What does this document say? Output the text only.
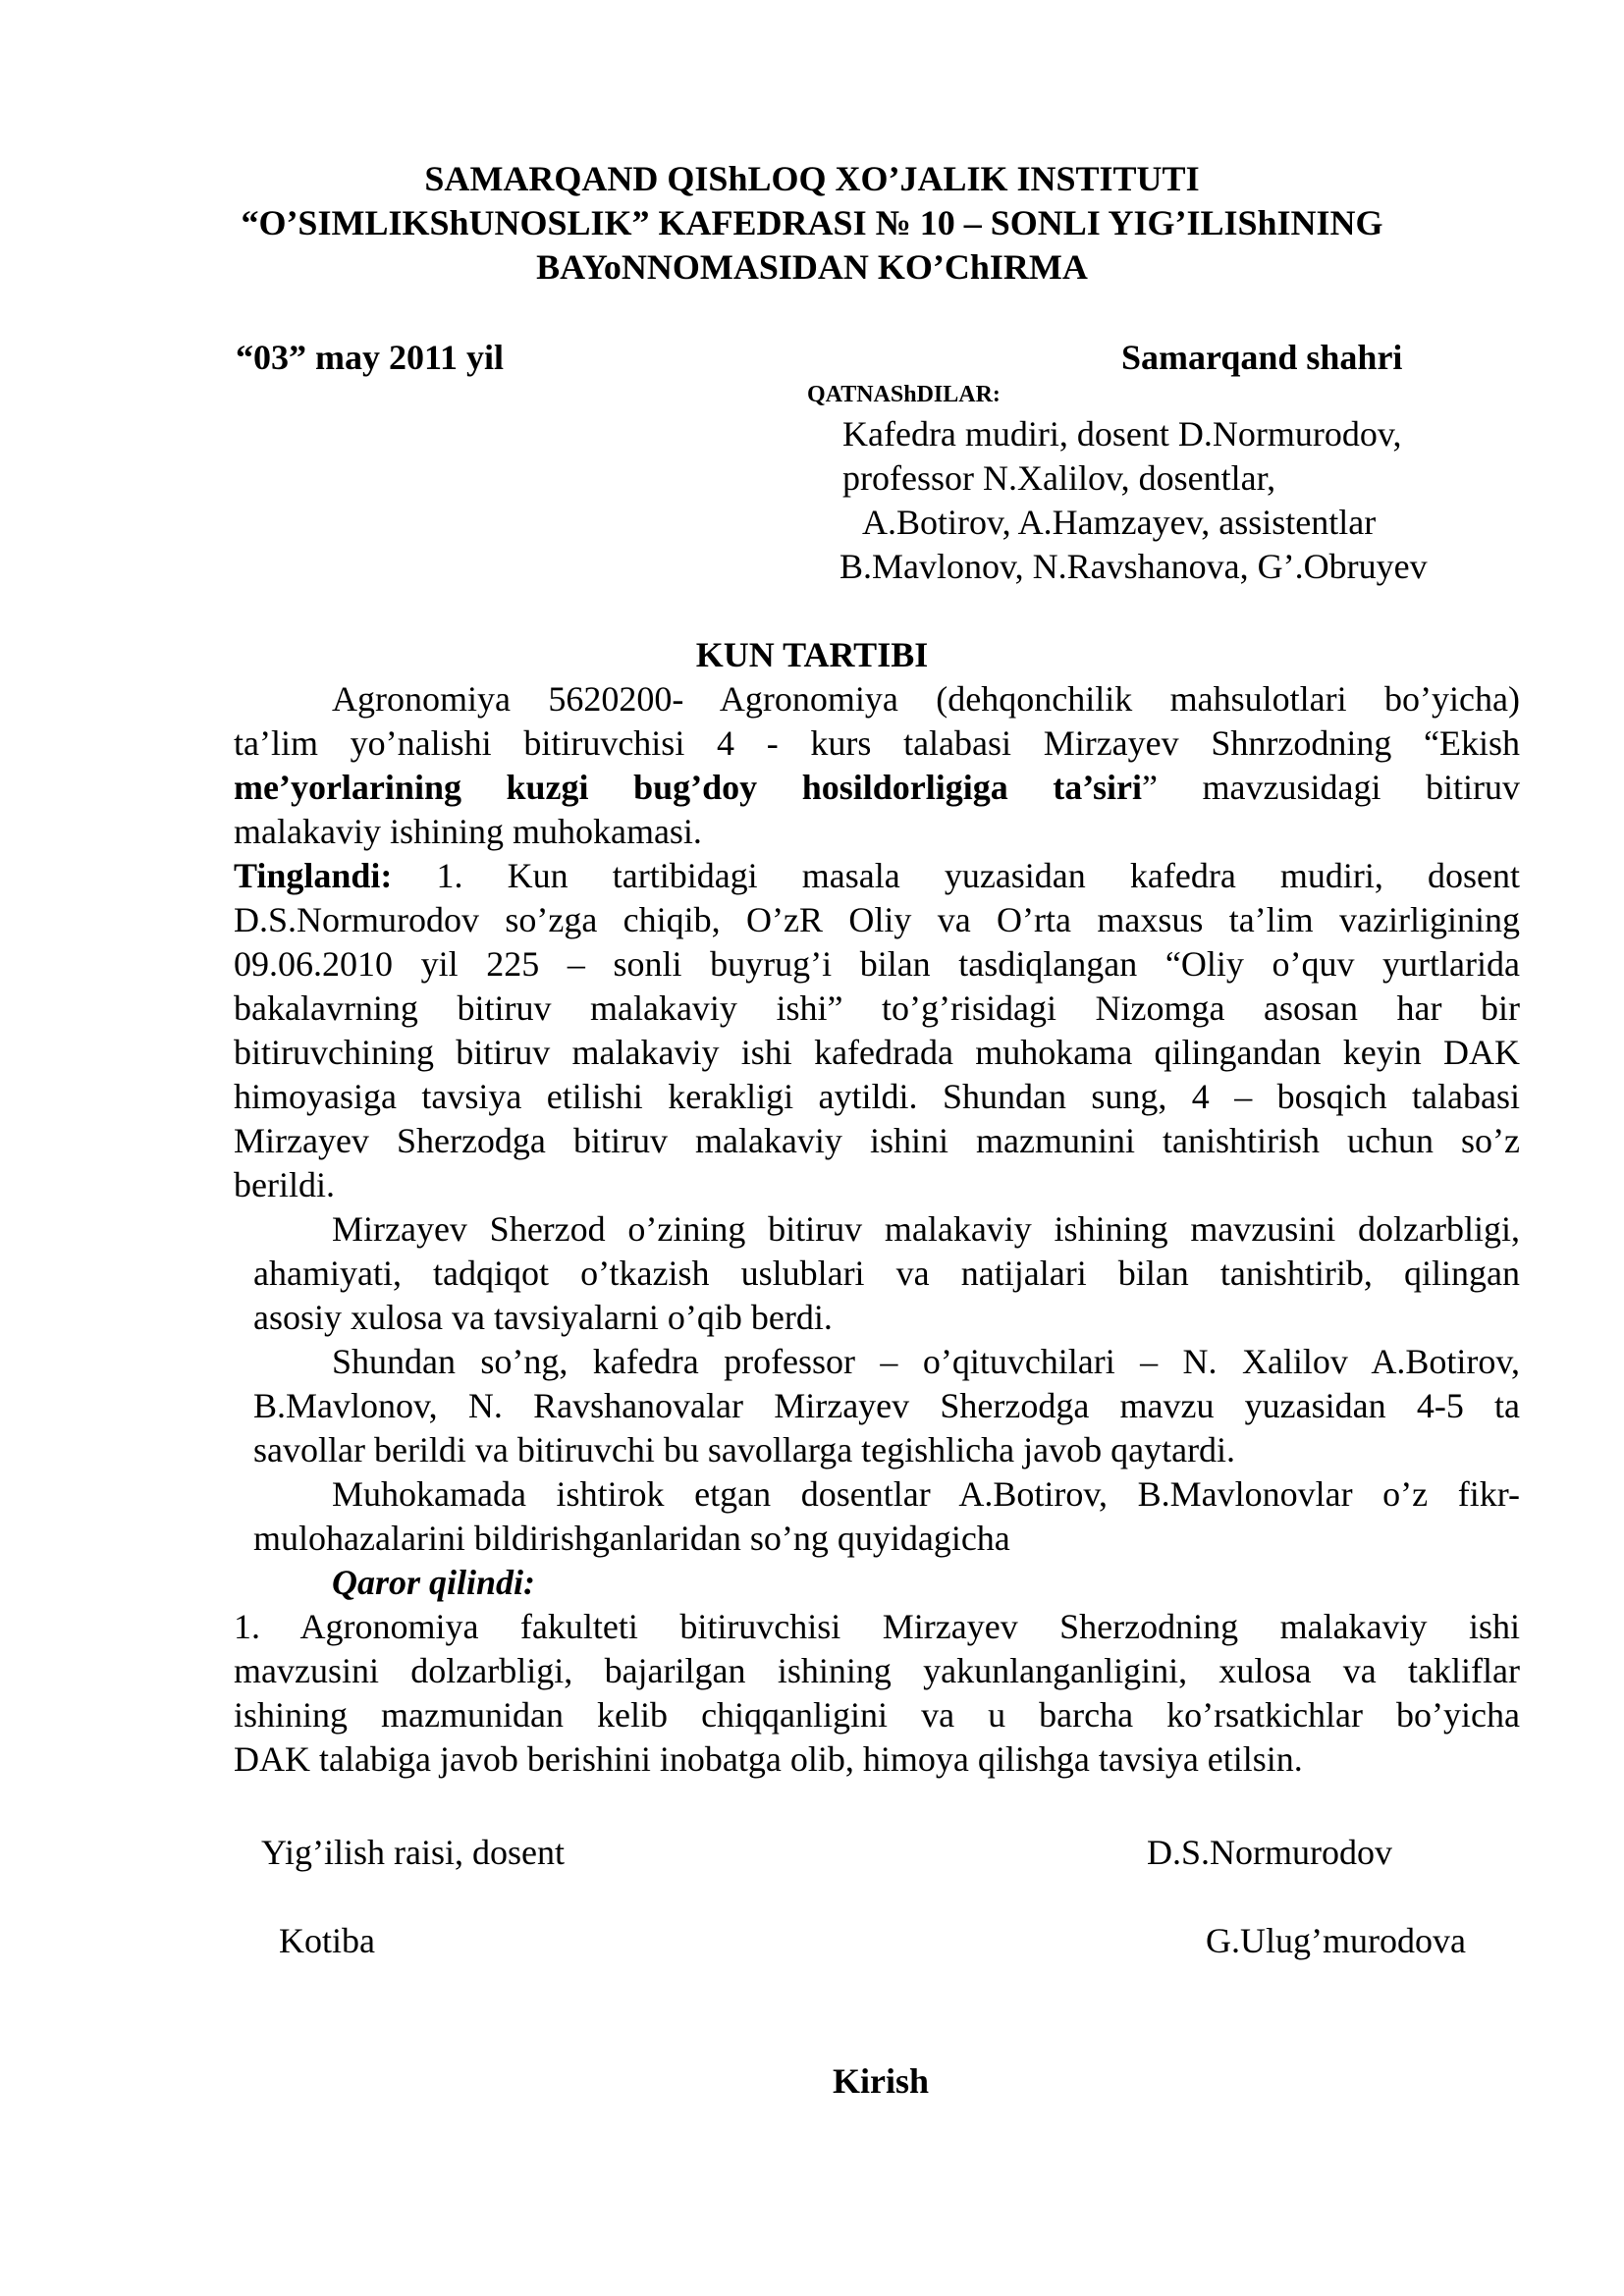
SAMARQAND QIShLOQ XO’JALIK INSTITUTI
“O’SIMLIKShUNOSLIK” KAFEDRASI № 10 – SONLI YIG’ILIShINING
BAYoNNOMASIDAN KO’ChIRMA
“03” may 2011 yil	Samarqand shahri
QATNAShDILAR:
Kafedra mudiri, dosent D.Normurodov,
professor N.Xalilov, dosentlar,
A.Botirov, A.Hamzayev, assistentlar
B.Mavlonov, N.Ravshanova, G’.Obruyev
KUN TARTIBI
Agronomiya 5620200- Agronomiya (dehqonchilik mahsulotlari bo’yicha)
ta’lim yo’nalishi bitiruvchisi 4 - kurs talabasi Mirzayev Shnrzodning “Ekish
me’yorlarining kuzgi bug’doy hosildorligiga ta’siri” mavzusidagi bitiruv
malakaviy ishining muhokamasi.
Tinglandi: 1. Kun tartibidagi masala yuzasidan kafedra mudiri, dosent
D.S.Normurodov so’zga chiqib, O’zR Oliy va O’rta maxsus ta’lim vazirligining
09.06.2010 yil 225 – sonli buyrug’i bilan tasdiqlangan “Oliy o’quv yurtlarida
bakalavrning bitiruv malakaviy ishi” to’g’risidagi Nizomga asosan har bir
bitiruvchining bitiruv malakaviy ishi kafedrada muhokama qilingandan keyin DAK
himoyasiga tavsiya etilishi kerakligi aytildi. Shundan sung, 4 – bosqich talabasi
Mirzayev Sherzodga bitiruv malakaviy ishini mazmunini tanishtirish uchun so’z
berildi.
Mirzayev Sherzod o’zining bitiruv malakaviy ishining mavzusini dolzarbligi,
ahamiyati, tadqiqot o’tkazish uslublari va natijalari bilan tanishtirib, qilingan
asosiy xulosa va tavsiyalarni o’qib berdi.
Shundan so’ng, kafedra professor – o’qituvchilari – N. Xalilov A.Botirov,
B.Mavlonov, N. Ravshanovalar Mirzayev Sherzodga mavzu yuzasidan 4-5 ta
savollar berildi va bitiruvchi bu savollarga tegishlicha javob qaytardi.
Muhokamada ishtirok etgan dosentlar A.Botirov, B.Mavlonovlar o’z fikr-
mulohazalarini bildirishganlaridan so’ng quyidagicha
Qaror qilindi:
1. Agronomiya fakulteti bitiruvchisi Mirzayev Sherzodning malakaviy ishi
mavzusini dolzarbligi, bajarilgan ishining yakunlanganligini, xulosa va takliflar
ishining mazmunidan kelib chiqqanligini va u barcha ko’rsatkichlar bo’yicha
DAK talabiga javob berishini inobatga olib, himoya qilishga tavsiya etilsin.
Yig’ilish raisi, dosent	D.S.Normurodov
Kotiba	G.Ulug’murodova
Kirish
